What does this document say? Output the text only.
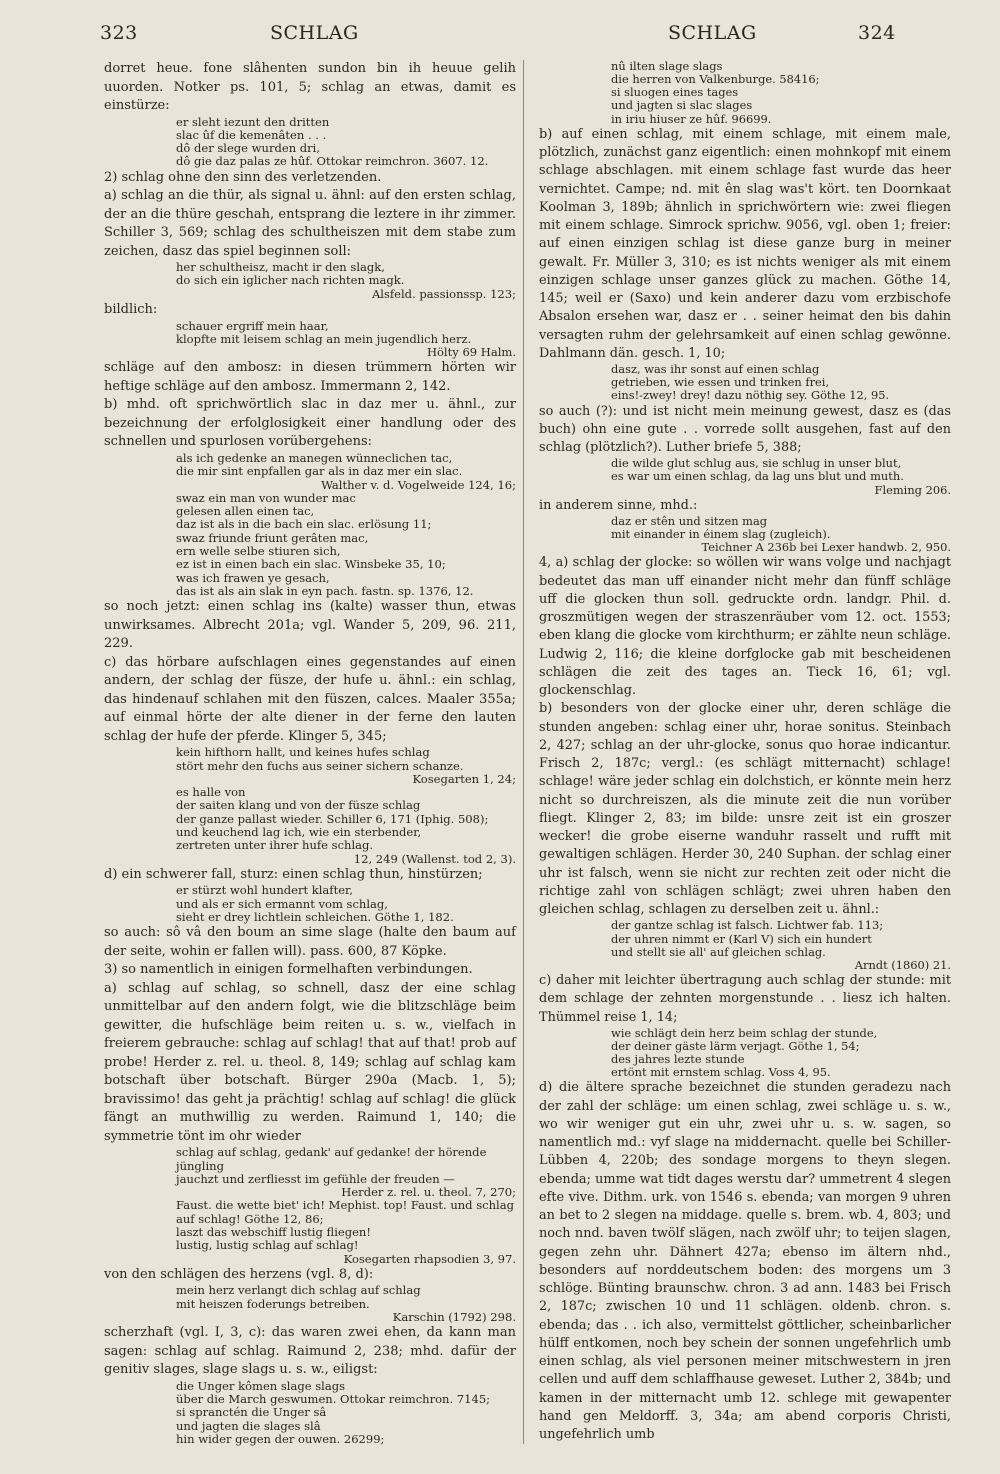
323	SCHLAG	SCHLAG	324

dorret heue. fone slâhenten sundon bin ih heuue gelih uuorden. Notker ps. 101, 5; schlag an etwas, damit es einstürze:

er sleht iezunt den dritten
slac ûf die kemenâten . . .
dô der slege wurden dri,
dô gie daz palas ze hûf. Ottokar reimchron. 3607. 12.

2) schlag ohne den sinn des verletzenden.

a) schlag an die thür, als signal u. ähnl: auf den ersten schlag, der an die thüre geschah, entsprang die leztere in ihr zimmer. Schiller 3, 569; schlag des schultheiszen mit dem stabe zum zeichen, dasz das spiel beginnen soll:

her schultheisz, macht ir den slagk,
do sich ein iglicher nach richten magk.

Alsfeld. passionssp. 123;

bildlich:

schauer ergriff mein haar,
klopfte mit leisem schlag an mein jugendlich herz.

Hölty 69 Halm.

schläge auf den ambosz: in diesen trümmern hörten wir heftige schläge auf den ambosz. Immermann 2, 142.

b) mhd. oft sprichwörtlich slac in daz mer u. ähnl., zur bezeichnung der erfolglosigkeit einer handlung oder des schnellen und spurlosen vorübergehens:

als ich gedenke an manegen wünneclichen tac,
die mir sint enpfallen gar als in daz mer ein slac.

Walther v. d. Vogelweide 124, 16;

swaz ein man von wunder mac
gelesen allen einen tac,
daz ist als in die bach ein slac. erlösung 11;
swaz friunde friunt gerâten mac,
ern welle selbe stiuren sich,
ez ist in einen bach ein slac. Winsbeke 35, 10;
was ich frawen ye gesach,
das ist als ain slak in eyn pach. fastn. sp. 1376, 12.

so noch jetzt: einen schlag ins (kalte) wasser thun, etwas unwirksames. Albrecht 201a; vgl. Wander 5, 209, 96. 211, 229.

c) das hörbare aufschlagen eines gegenstandes auf einen andern, der schlag der füsze, der hufe u. ähnl.: ein schlag, das hindenauf schlahen mit den füszen, calces. Maaler 355a; auf einmal hörte der alte diener in der ferne den lauten schlag der hufe der pferde. Klinger 5, 345;

kein hifthorn hallt, und keines hufes schlag
stört mehr den fuchs aus seiner sichern schanze.

Kosegarten 1, 24;

es halle von
der saiten klang und von der füsze schlag
der ganze pallast wieder. Schiller 6, 171 (Iphig. 508);
und keuchend lag ich, wie ein sterbender,
zertreten unter ihrer hufe schlag.

12, 249 (Wallenst. tod 2, 3).

d) ein schwerer fall, sturz: einen schlag thun, hinstürzen;

er stürzt wohl hundert klafter,
und als er sich ermannt vom schlag,
sieht er drey lichtlein schleichen. Göthe 1, 182.

so auch: sô vâ den boum an sime slage (halte den baum auf der seite, wohin er fallen will). pass. 600, 87 Köpke.

3) so namentlich in einigen formelhaften verbindungen.

a) schlag auf schlag, so schnell, dasz der eine schlag unmittelbar auf den andern folgt, wie die blitzschläge beim gewitter, die hufschläge beim reiten u. s. w., vielfach in freierem gebrauche: schlag auf schlag! that auf that! prob auf probe! Herder z. rel. u. theol. 8, 149; schlag auf schlag kam botschaft über botschaft. Bürger 290a (Macb. 1, 5); bravissimo! das geht ja prächtig! schlag auf schlag! die glück fängt an muthwillig zu werden. Raimund 1, 140; die symmetrie tönt im ohr wieder

schlag auf schlag, gedank' auf gedanke! der hörende jüngling
jauchzt und zerfliesst im gefühle der freuden —

Herder z. rel. u. theol. 7, 270;

Faust. die wette biet' ich! Mephist. top! Faust. und schlag
auf schlag! Göthe 12, 86;
laszt das webschiff lustig fliegen!
lustig, lustig schlag auf schlag!

Kosegarten rhapsodien 3, 97.

von den schlägen des herzens (vgl. 8, d):

mein herz verlangt dich schlag auf schlag
mit heiszen foderungs betreiben.

Karschin (1792) 298.

scherzhaft (vgl. I, 3, c): das waren zwei ehen, da kann man sagen: schlag auf schlag. Raimund 2, 238; mhd. dafür der genitiv slages, slage slags u. s. w., eiligst:

die Unger kômen slage slags
über die March geswumen. Ottokar reimchron. 7145;
si spranctén die Unger sâ
und jagten die slages slâ
hin wider gegen der ouwen. 26299;
nû ilten slage slags
die herren von Valkenburge. 58416;
si sluogen eines tages
und jagten si slac slages
in iriu hiuser ze hûf. 96699.

b) auf einen schlag, mit einem schlage, mit einem male, plötzlich, zunächst ganz eigentlich: einen mohnkopf mit einem schlage abschlagen. mit einem schlage fast wurde das heer vernichtet. Campe; nd. mit ên slag was't kört. ten Doornkaat Koolman 3, 189b; ähnlich in sprichwörtern wie: zwei fliegen mit einem schlage. Simrock sprichw. 9056, vgl. oben 1; freier: auf einen einzigen schlag ist diese ganze burg in meiner gewalt. Fr. Müller 3, 310; es ist nichts weniger als mit einem einzigen schlage unser ganzes glück zu machen. Göthe 14, 145; weil er (Saxo) und kein anderer dazu vom erzbischofe Absalon ersehen war, dasz er . . seiner heimat den bis dahin versagten ruhm der gelehrsamkeit auf einen schlag gewönne. Dahlmann dän. gesch. 1, 10;

dasz, was ihr sonst auf einen schlag
getrieben, wie essen und trinken frei,
eins!-zwey! drey! dazu nöthig sey. Göthe 12, 95.

so auch (?): und ist nicht mein meinung gewest, dasz es (das buch) ohn eine gute . . vorrede sollt ausgehen, fast auf den schlag (plötzlich?). Luther briefe 5, 388;

die wilde glut schlug aus, sie schlug in unser blut,
es war um einen schlag, da lag uns blut und muth.

Fleming 206.

in anderem sinne, mhd.:

daz er stên und sitzen mag
mit einander in éinem slag (zugleich).

Teichner A 236b bei Lexer handwb. 2, 950.

4, a) schlag der glocke: so wöllen wir wans volge und nachjagt bedeutet das man uff einander nicht mehr dan fünff schläge uff die glocken thun soll. gedruckte ordn. landgr. Phil. d. groszmütigen wegen der straszenräuber vom 12. oct. 1553; eben klang die glocke vom kirchthurm; er zählte neun schläge. Ludwig 2, 116; die kleine dorfglocke gab mit bescheidenen schlägen die zeit des tages an. Tieck 16, 61; vgl. glockenschlag.

b) besonders von der glocke einer uhr, deren schläge die stunden angeben: schlag einer uhr, horae sonitus. Steinbach 2, 427; schlag an der uhr-glocke, sonus quo horae indicantur. Frisch 2, 187c; vergl.: (es schlägt mitternacht) schlage! schlage! wäre jeder schlag ein dolchstich, er könnte mein herz nicht so durchreiszen, als die minute zeit die nun vorüber fliegt. Klinger 2, 83; im bilde: unsre zeit ist ein groszer wecker! die grobe eiserne wanduhr rasselt und rufft mit gewaltigen schlägen. Herder 30, 240 Suphan. der schlag einer uhr ist falsch, wenn sie nicht zur rechten zeit oder nicht die richtige zahl von schlägen schlägt; zwei uhren haben den gleichen schlag, schlagen zu derselben zeit u. ähnl.:

der gantze schlag ist falsch. Lichtwer fab. 113;
der uhren nimmt er (Karl V) sich ein hundert
und stellt sie all' auf gleichen schlag.

Arndt (1860) 21.

c) daher mit leichter übertragung auch schlag der stunde: mit dem schlage der zehnten morgenstunde . . liesz ich halten. Thümmel reise 1, 14;

wie schlägt dein herz beim schlag der stunde,
der deiner gäste lärm verjagt. Göthe 1, 54;
des jahres lezte stunde
ertönt mit ernstem schlag. Voss 4, 95.

d) die ältere sprache bezeichnet die stunden geradezu nach der zahl der schläge: um einen schlag, zwei schläge u. s. w., wo wir weniger gut ein uhr, zwei uhr u. s. w. sagen, so namentlich md.: vyf slage na middernacht. quelle bei Schiller-Lübben 4, 220b; des sondage morgens to theyn slegen. ebenda; umme wat tidt dages werstu dar? ummetrent 4 slegen efte vive. Dithm. urk. von 1546 s. ebenda; van morgen 9 uhren an bet to 2 slegen na middage. quelle s. brem. wb. 4, 803; und noch nnd. baven twölf slägen, nach zwölf uhr; to teijen slagen, gegen zehn uhr. Dähnert 427a; ebenso im ältern nhd., besonders auf norddeutschem boden: des morgens um 3 schlöge. Bünting braunschw. chron. 3 ad ann. 1483 bei Frisch 2, 187c; zwischen 10 und 11 schlägen. oldenb. chron. s. ebenda; das . . ich also, vermittelst göttlicher, scheinbarlicher hülff entkomen, noch bey schein der sonnen ungefehrlich umb einen schlag, als viel personen meiner mitschwestern in jren cellen und auff dem schlaffhause geweset. Luther 2, 384b; und kamen in der mitternacht umb 12. schlege mit gewapenter hand gen Meldorff. 3, 34a; am abend corporis Christi, ungefehrlich umb
